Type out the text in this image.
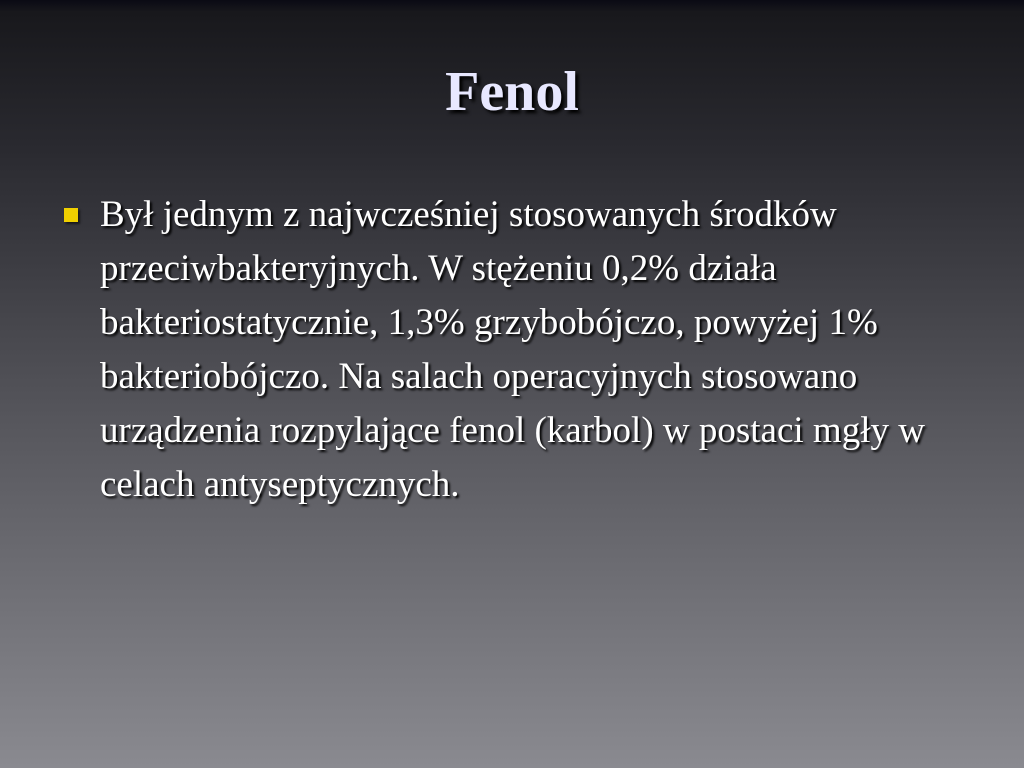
Fenol
Był jednym z najwcześniej stosowanych środków przeciwbakteryjnych. W stężeniu 0,2% działa bakteriostatycznie, 1,3% grzybobójczo, powyżej 1% bakteriobójczo. Na salach operacyjnych stosowano urządzenia rozpylające fenol (karbol) w postaci mgły w celach antyseptycznych.
